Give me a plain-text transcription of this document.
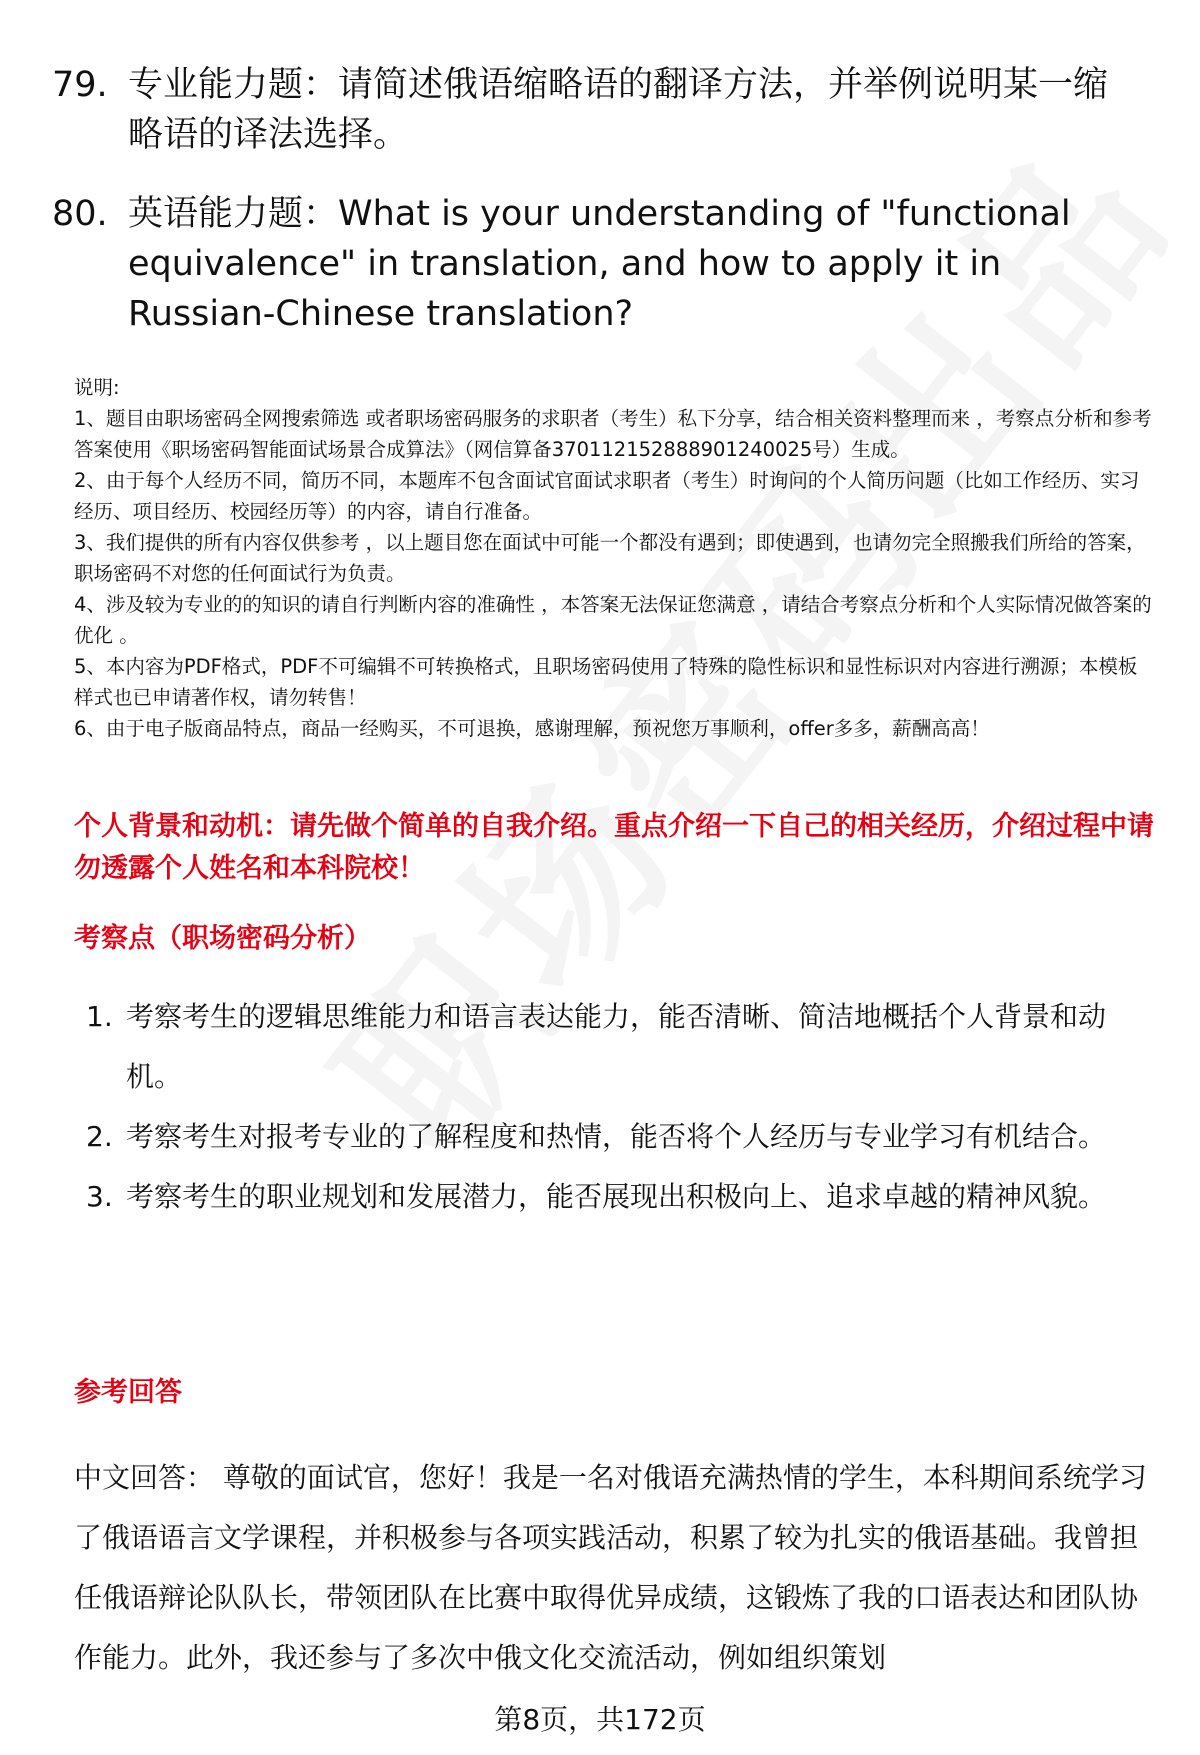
79. 专业能力题：请简述俄语缩略语的翻译方法，并举例说明某一缩略语的译法选择。
80. 英语能力题：What is your understanding of "functional equivalence" in translation, and how to apply it in Russian-Chinese translation?

说明:

1、题目由职场密码全网搜索筛选 或者职场密码服务的求职者（考生）私下分享，结合相关资料整理而来 ，考察点分析和参考答案使用《职场密码智能面试场景合成算法》（网信算备370112152888901240025号）生成。

2、由于每个人经历不同，简历不同，本题库不包含面试官面试求职者（考生）时询问的个人简历问题（比如工作经历、实习经历、项目经历、校园经历等）的内容，请自行准备。

3、我们提供的所有内容仅供参考 ，以上题目您在面试中可能一个都没有遇到；即使遇到，也请勿完全照搬我们所给的答案，职场密码不对您的任何面试行为负责。

4、涉及较为专业的的知识的请自行判断内容的准确性 ，本答案无法保证您满意 ，请结合考察点分析和个人实际情况做答案的优化 。

5、本内容为PDF格式，PDF不可编辑不可转换格式，且职场密码使用了特殊的隐性标识和显性标识对内容进行溯源；本模板样式也已申请著作权，请勿转售！

6、由于电子版商品特点，商品一经购买，不可退换，感谢理解，预祝您万事顺利，offer多多，薪酬高高！

个人背景和动机：请先做个简单的自我介绍。重点介绍一下自己的相关经历，介绍过程中请勿透露个人姓名和本科院校！
考察点（职场密码分析）
1. 考察考生的逻辑思维能力和语言表达能力，能否清晰、简洁地概括个人背景和动机。
2. 考察考生对报考专业的了解程度和热情，能否将个人经历与专业学习有机结合。
3. 考察考生的职业规划和发展潜力，能否展现出积极向上、追求卓越的精神风貌。
参考回答
中文回答： 尊敬的面试官，您好！我是一名对俄语充满热情的学生，本科期间系统学习了俄语语言文学课程，并积极参与各项实践活动，积累了较为扎实的俄语基础。我曾担任俄语辩论队队长，带领团队在比赛中取得优异成绩，这锻炼了我的口语表达和团队协作能力。此外，我还参与了多次中俄文化交流活动，例如组织策划
第8页，共172页
